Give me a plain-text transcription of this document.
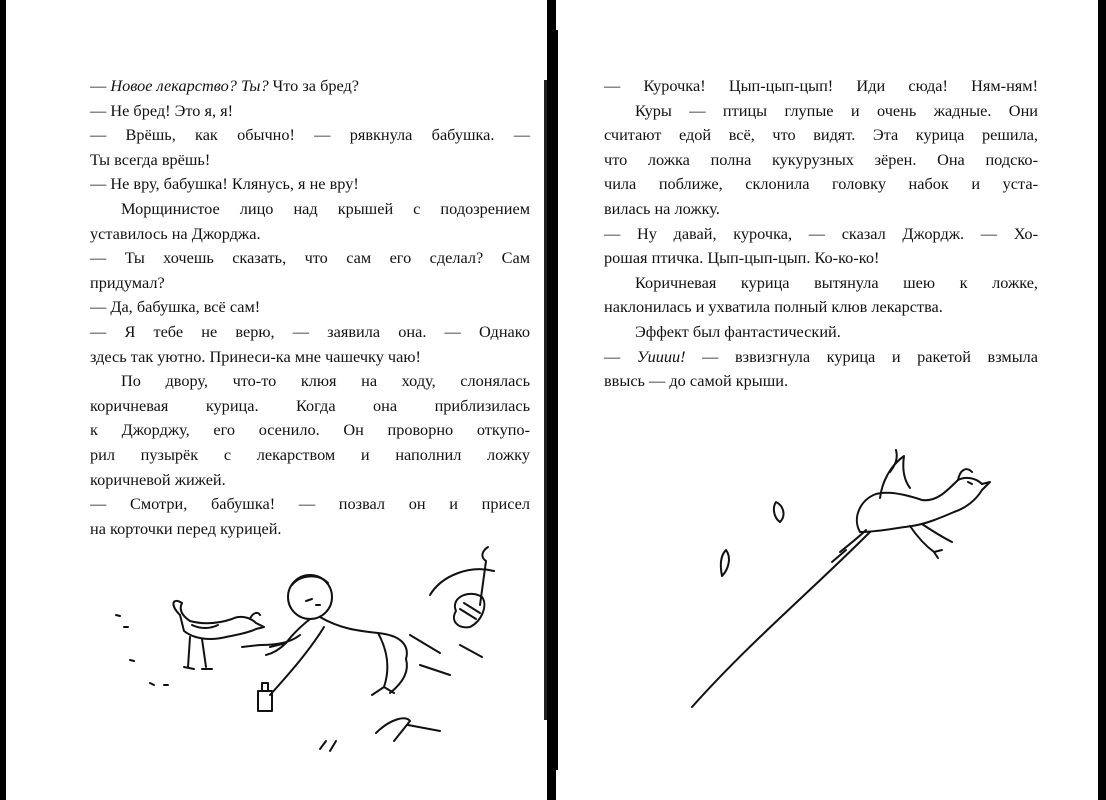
— Новое лекарство? Ты? Что за бред?
— Не бред! Это я, я!
— Врёшь, как обычно! — рявкнула бабушка. —
Ты всегда врёшь!
— Не вру, бабушка! Клянусь, я не вру!
Морщинистое лицо над крышей с подозрением
уставилось на Джорджа.
— Ты хочешь сказать, что сам его сделал? Сам
придумал?
— Да, бабушка, всё сам!
— Я тебе не верю, — заявила она. — Однако
здесь так уютно. Принеси-ка мне чашечку чаю!
По двору, что-то клюя на ходу, слонялась
коричневая курица. Когда она приблизилась
к Джорджу, его осенило. Он проворно откупо-
рил пузырёк с лекарством и наполнил ложку
коричневой жижей.
— Смотри, бабушка! — позвал он и присел
на корточки перед курицей.
— Курочка! Цып-цып-цып! Иди сюда! Ням-ням!
Куры — птицы глупые и очень жадные. Они
считают едой всё, что видят. Эта курица решила,
что ложка полна кукурузных зёрен. Она подско-
чила поближе, склонила головку набок и уста-
вилась на ложку.
— Ну давай, курочка, — сказал Джордж. — Хо-
рошая птичка. Цып-цып-цып. Ко-ко-ко!
Коричневая курица вытянула шею к ложке,
наклонилась и ухватила полный клюв лекарства.
Эффект был фантастический.
— Уииии! — взвизгнула курица и ракетой взмыла
ввысь — до самой крыши.
